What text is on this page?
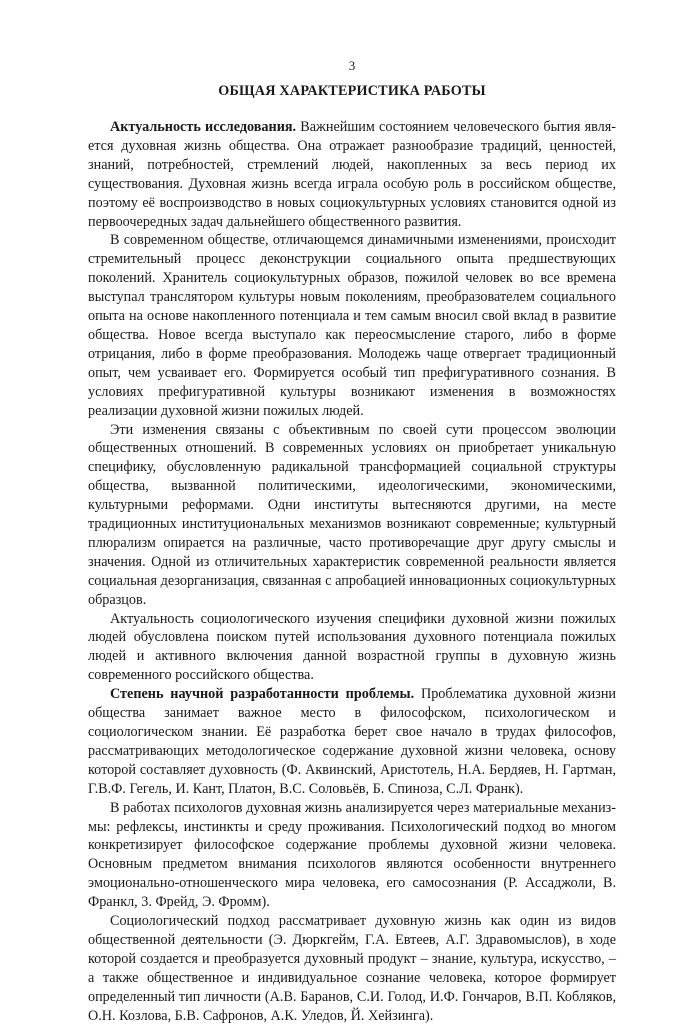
3
ОБЩАЯ ХАРАКТЕРИСТИКА РАБОТЫ

Актуальность исследования. Важнейшим состоянием человеческого бытия является духовная жизнь общества. Она отражает разнообразие традиций, ценностей, знаний, потребностей, стремлений людей, накопленных за весь период их существования. Духовная жизнь всегда играла особую роль в российском обществе, поэтому её воспроизводство в новых социокультурных условиях становится одной из первоочередных задач дальнейшего общественного развития.

В современном обществе, отличающемся динамичными изменениями, происходит стремительный процесс деконструкции социального опыта предшествующих поколений. Хранитель социокультурных образов, пожилой человек во все времена выступал транслятором культуры новым поколениям, преобразователем социального опыта на основе накопленного потенциала и тем самым вносил свой вклад в развитие общества. Новое всегда выступало как переосмысление старого, либо в форме отрицания, либо в форме преобразования. Молодежь чаще отвергает традиционный опыт, чем усваивает его. Формируется особый тип префигуративного сознания. В условиях префигуративной культуры возникают изменения в возможностях реализации духовной жизни пожилых людей.

Эти изменения связаны с объективным по своей сути процессом эволюции общественных отношений. В современных условиях он приобретает уникальную специфику, обусловленную радикальной трансформацией социальной структуры общества, вызванной политическими, идеологическими, экономическими, культурными реформами. Одни институты вытесняются другими, на месте традиционных институциональных механизмов возникают современные; культурный плюрализм опирается на различные, часто противоречащие друг другу смыслы и значения. Одной из отличительных характеристик современной реальности является социальная дезорганизация, связанная с апробацией инновационных социокультурных образцов.

Актуальность социологического изучения специфики духовной жизни пожилых людей обусловлена поиском путей использования духовного потенциала пожилых людей и активного включения данной возрастной группы в духовную жизнь современного российского общества.

Степень научной разработанности проблемы. Проблематика духовной жизни общества занимает важное место в философском, психологическом и социологическом знании. Её разработка берет свое начало в трудах философов, рассматривающих методологическое содержание духовной жизни человека, основу которой составляет духовность (Ф. Аквинский, Аристотель, Н.А. Бердяев, Н. Гартман, Г.В.Ф. Гегель, И. Кант, Платон, В.С. Соловьёв, Б. Спиноза, С.Л. Франк).

В работах психологов духовная жизнь анализируется через материальные механизмы: рефлексы, инстинкты и среду проживания. Психологический подход во многом конкретизирует философское содержание проблемы духовной жизни человека. Основным предметом внимания психологов являются особенности внутреннего эмоционально-отношенческого мира человека, его самосознания (Р. Ассаджоли, В. Франкл, 3. Фрейд, Э. Фромм).

Социологический подход рассматривает духовную жизнь как один из видов общественной деятельности (Э. Дюркгейм, Г.А. Евтеев, А.Г. Здравомыслов), в ходе которой создается и преобразуется духовный продукт – знание, культура, искусство, – а также общественное и индивидуальное сознание человека, которое формирует определенный тип личности (А.В. Баранов, С.И. Голод, И.Ф. Гончаров, В.П. Кобляков, О.Н. Козлова, Б.В. Сафронов, А.К. Уледов, Й. Хейзинга).
